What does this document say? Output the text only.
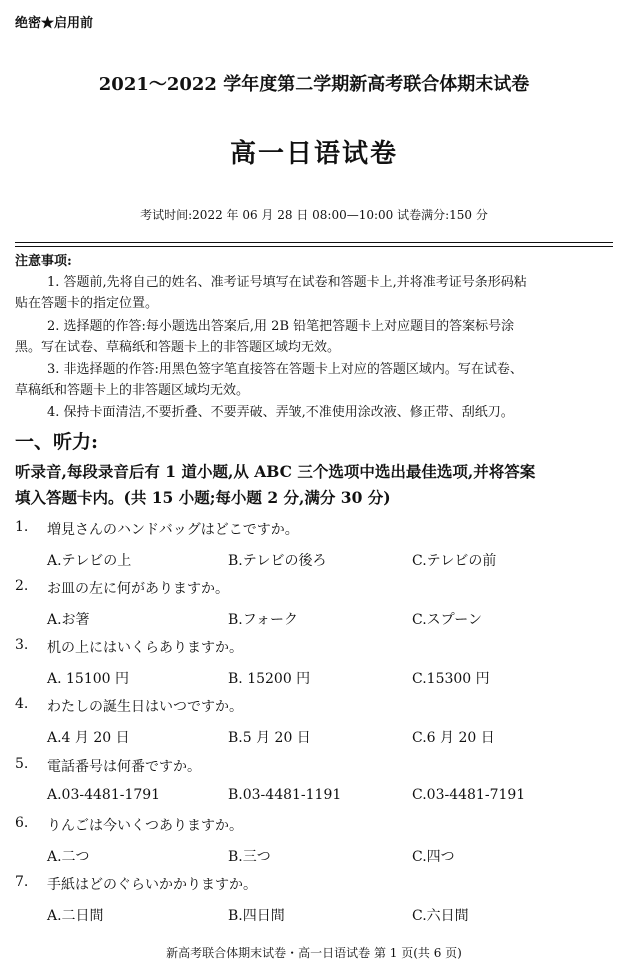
绝密★启用前
2021～2022 学年度第二学期新高考联合体期末试卷
高一日语试卷
考试时间:2022 年 06 月 28 日 08:00—10:00 试卷满分:150 分
注意事项:
1. 答题前,先将自己的姓名、准考证号填写在试卷和答题卡上,并将准考证号条形码粘
贴在答题卡的指定位置。
2. 选择题的作答:每小题选出答案后,用 2B 铅笔把答题卡上对应题目的答案标号涂
黑。写在试卷、草稿纸和答题卡上的非答题区域均无效。
3. 非选择题的作答:用黑色签字笔直接答在答题卡上对应的答题区域内。写在试卷、
草稿纸和答题卡上的非答题区域均无效。
4. 保持卡面清洁,不要折叠、不要弄破、弄皱,不准使用涂改液、修正带、刮纸刀。
一、听力:
听录音,每段录音后有 1 道小题,从 ABC 三个选项中选出最佳选项,并将答案
填入答题卡内。(共 15 小题;每小题 2 分,满分 30 分)
1. 増見さんのハンドバッグはどこですか。
A.テレビの上	B.テレビの後ろ	C.テレビの前
2. お皿の左に何がありますか。
A.お箸	B.フォーク	C.スプーン
3. 机の上にはいくらありますか。
A. 15100 円	B. 15200 円	C.15300 円
4. わたしの誕生日はいつですか。
A.4 月 20 日	B.5 月 20 日	C.6 月 20 日
5. 電話番号は何番ですか。
A.03-4481-1791	B.03-4481-1191	C.03-4481-7191
6. りんごは今いくつありますか。
A.二つ	B.三つ	C.四つ
7. 手紙はどのぐらいかかりますか。
A.二日間	B.四日間	C.六日間
新高考联合体期末试卷・高一日语试卷 第 1 页(共 6 页)
